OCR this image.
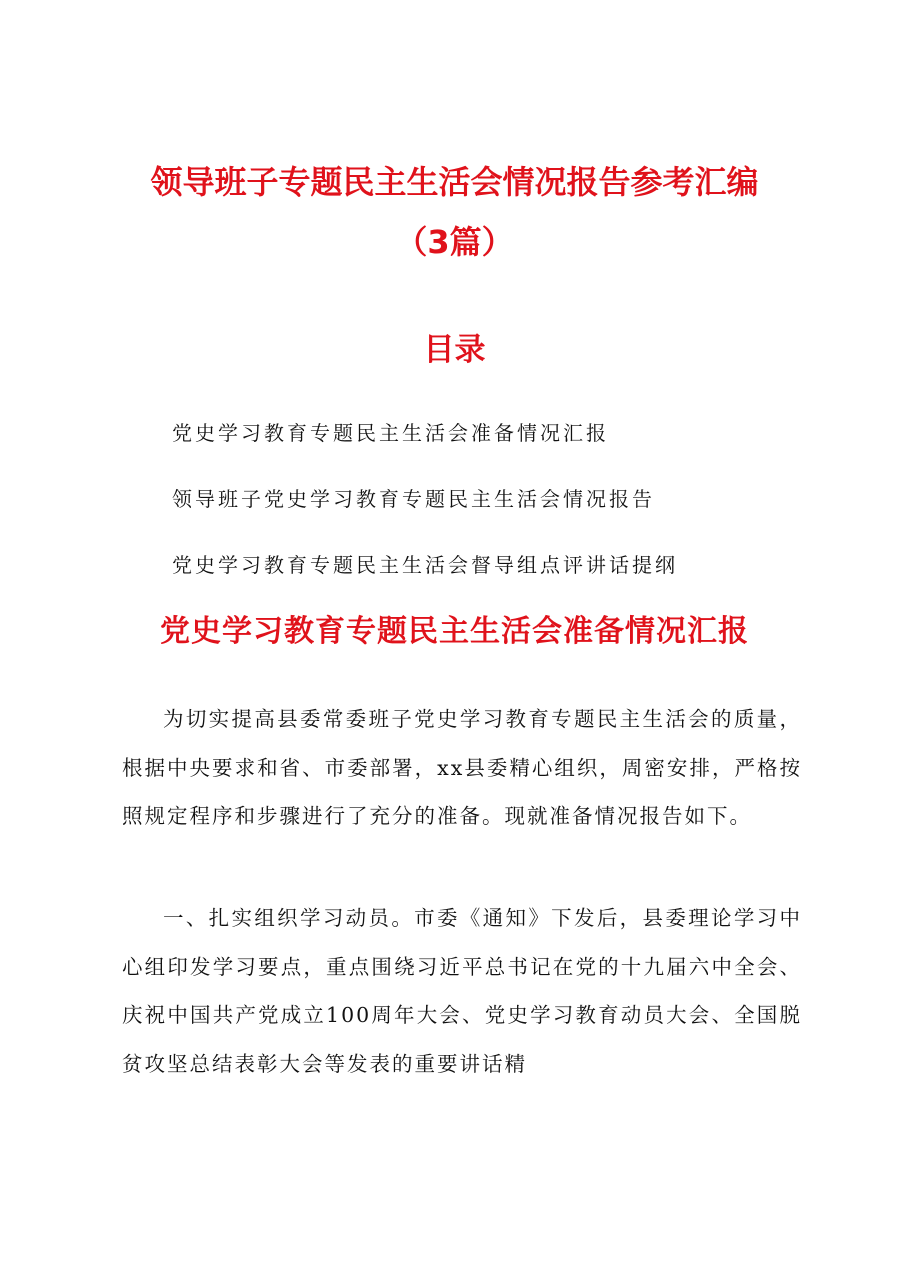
领导班子专题民主生活会情况报告参考汇编
（3篇）
目录
党史学习教育专题民主生活会准备情况汇报
领导班子党史学习教育专题民主生活会情况报告
党史学习教育专题民主生活会督导组点评讲话提纲
党史学习教育专题民主生活会准备情况汇报
为切实提高县委常委班子党史学习教育专题民主生活会的质量，根据中央要求和省、市委部署，xx县委精心组织，周密安排，严格按照规定程序和步骤进行了充分的准备。现就准备情况报告如下。
一、扎实组织学习动员。市委《通知》下发后，县委理论学习中心组印发学习要点，重点围绕习近平总书记在党的十九届六中全会、庆祝中国共产党成立100周年大会、党史学习教育动员大会、全国脱贫攻坚总结表彰大会等发表的重要讲话精
